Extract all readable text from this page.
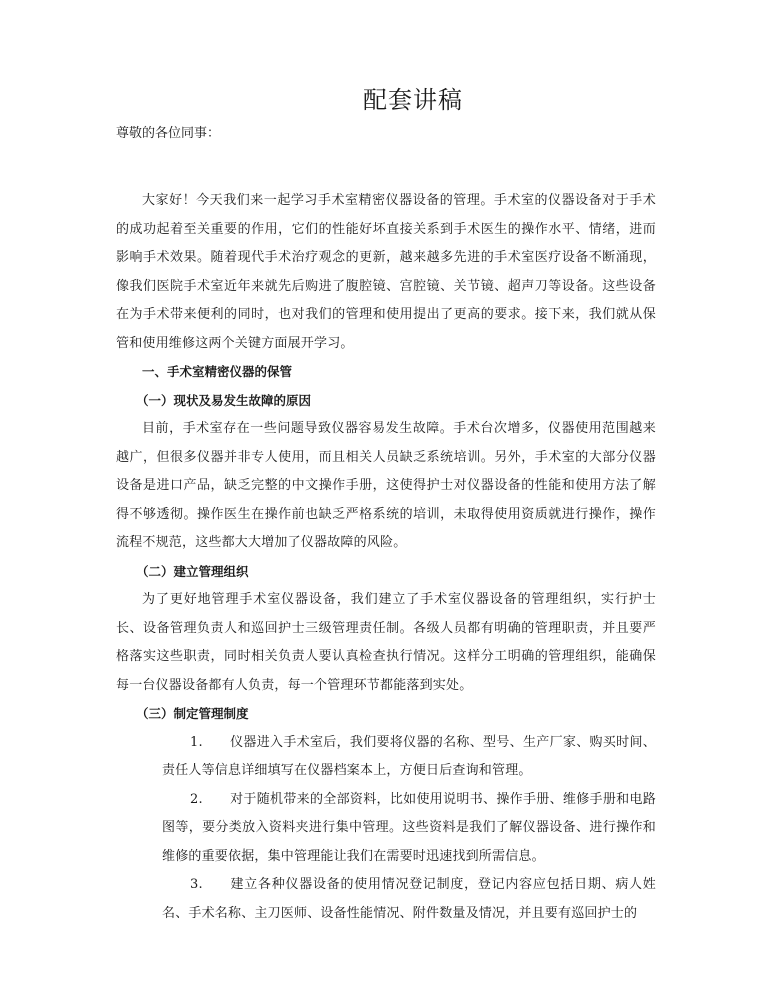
配套讲稿

尊敬的各位同事：

大家好！今天我们来一起学习手术室精密仪器设备的管理。手术室的仪器设备对于手术的成功起着至关重要的作用，它们的性能好坏直接关系到手术医生的操作水平、情绪，进而影响手术效果。随着现代手术治疗观念的更新，越来越多先进的手术室医疗设备不断涌现，像我们医院手术室近年来就先后购进了腹腔镜、宫腔镜、关节镜、超声刀等设备。这些设备在为手术带来便利的同时，也对我们的管理和使用提出了更高的要求。接下来，我们就从保管和使用维修这两个关键方面展开学习。

一、手术室精密仪器的保管

（一）现状及易发生故障的原因

目前，手术室存在一些问题导致仪器容易发生故障。手术台次增多，仪器使用范围越来越广，但很多仪器并非专人使用，而且相关人员缺乏系统培训。另外，手术室的大部分仪器设备是进口产品，缺乏完整的中文操作手册，这使得护士对仪器设备的性能和使用方法了解得不够透彻。操作医生在操作前也缺乏严格系统的培训，未取得使用资质就进行操作，操作流程不规范，这些都大大增加了仪器故障的风险。

（二）建立管理组织

为了更好地管理手术室仪器设备，我们建立了手术室仪器设备的管理组织，实行护士长、设备管理负责人和巡回护士三级管理责任制。各级人员都有明确的管理职责，并且要严格落实这些职责，同时相关负责人要认真检查执行情况。这样分工明确的管理组织，能确保每一台仪器设备都有人负责，每一个管理环节都能落到实处。

（三）制定管理制度

1. 仪器进入手术室后，我们要将仪器的名称、型号、生产厂家、购买时间、责任人等信息详细填写在仪器档案本上，方便日后查询和管理。

2. 对于随机带来的全部资料，比如使用说明书、操作手册、维修手册和电路图等，要分类放入资料夹进行集中管理。这些资料是我们了解仪器设备、进行操作和维修的重要依据，集中管理能让我们在需要时迅速找到所需信息。

3. 建立各种仪器设备的使用情况登记制度，登记内容应包括日期、病人姓名、手术名称、主刀医师、设备性能情况、附件数量及情况，并且要有巡回护士的
